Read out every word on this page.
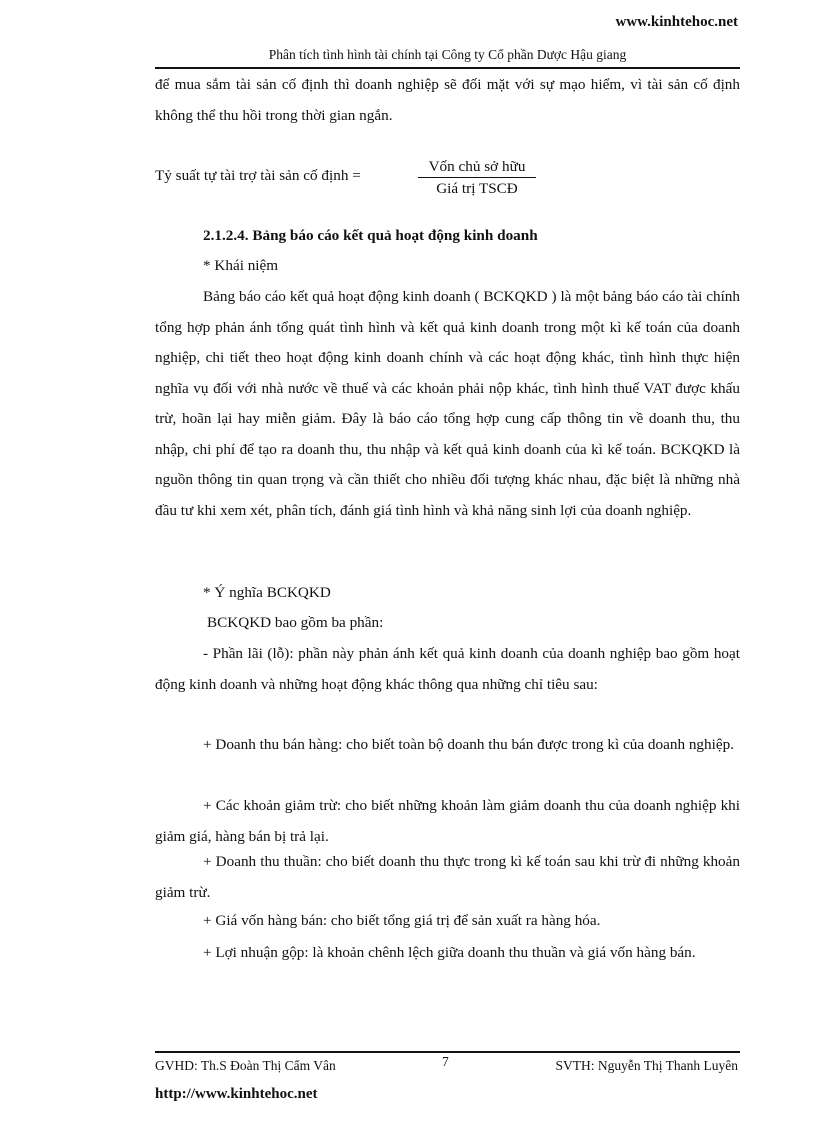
www.kinhtehoc.net
Phân tích tình hình tài chính tại Công ty Cổ phần Dược Hậu giang
để mua sắm tài sản cố định thì doanh nghiệp sẽ đối mặt với sự mạo hiểm, vì tài sản cố định không thể thu hồi trong thời gian ngắn.
Tỷ suất tự tài trợ tài sản cố định =
Vốn chủ sở hữu
Giá trị TSCĐ
2.1.2.4. Bảng báo cáo kết quả hoạt động kinh doanh
* Khái niệm
Bảng báo cáo kết quả hoạt động kinh doanh ( BCKQKD ) là một bảng báo cáo tài chính tổng hợp phản ánh tổng quát tình hình và kết quả kinh doanh trong một kì kế toán của doanh nghiệp, chi tiết theo hoạt động kinh doanh chính và các hoạt động khác, tình hình thực hiện nghĩa vụ đối với nhà nước về thuế và các khoản phải nộp khác, tình hình thuế VAT được khấu trừ, hoãn lại hay miễn giảm. Đây là báo cáo tổng hợp cung cấp thông tin về doanh thu, thu nhập, chi phí để tạo ra doanh thu, thu nhập và kết quả kinh doanh của kì kế toán. BCKQKD là nguồn thông tin quan trọng và cần thiết cho nhiều đối tượng khác nhau, đặc biệt là những nhà đầu tư khi xem xét, phân tích, đánh giá tình hình và khả năng sinh lợi của doanh nghiệp.
* Ý nghĩa BCKQKD
BCKQKD bao gồm ba phần:
- Phần lãi (lỗ): phần này phản ánh kết quả kinh doanh của doanh nghiệp bao gồm hoạt động kinh doanh và những hoạt động khác thông qua những chỉ tiêu sau:
+ Doanh thu bán hàng: cho biết toàn bộ doanh thu bán được trong kì của doanh nghiệp.
+ Các khoản giảm trừ: cho biết những khoản làm giảm doanh thu của doanh nghiệp khi giảm giá, hàng bán bị trả lại.
+ Doanh thu thuần: cho biết doanh thu thực trong kì kế toán sau khi trừ đi những khoản giảm trừ.
+ Giá vốn hàng bán: cho biết tổng giá trị để sản xuất ra hàng hóa.
+ Lợi nhuận gộp: là khoản chênh lệch giữa doanh thu thuần và giá vốn hàng bán.
GVHD: Th.S Đoàn Thị Cẩm Vân	7	SVTH: Nguyễn Thị Thanh Luyên
http://www.kinhtehoc.net
